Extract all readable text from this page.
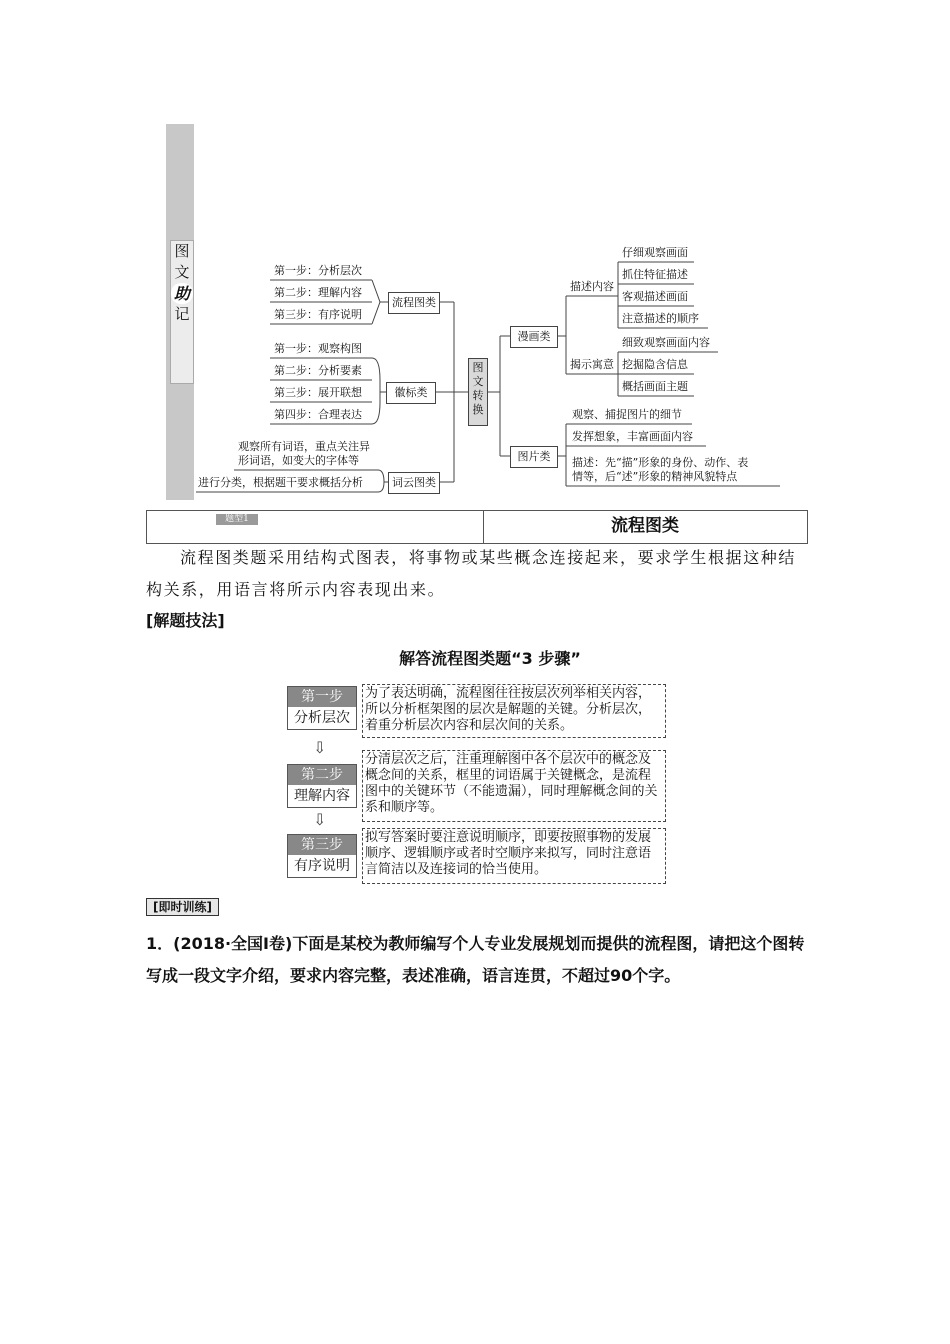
图
文
助
记
第一步：分析层次
第二步：理解内容
第三步：有序说明
第一步：观察构图
第二步：分析要素
第三步：展开联想
第四步：合理表达
观察所有词语，重点关注异
形词语，如变大的字体等
进行分类，根据题干要求概括分析
流程图类
徽标类
词云图类
图
文
转
换
漫画类
图片类
描述内容
揭示寓意
仔细观察画面
抓住特征描述
客观描述画面
注意描述的顺序
细致观察画面内容
挖掘隐含信息
概括画面主题
观察、捕捉图片的细节
发挥想象，丰富画面内容
描述：先“描”形象的身份、动作、表
情等，后“述”形象的精神风貌特点
题型1	流程图类
流程图类题采用结构式图表，将事物或某些概念连接起来，要求学生根据这种结构关系，用语言将所示内容表现出来。
[解题技法]
解答流程图类题“3 步骤”
第一步
分析层次
为了表达明确，流程图往往按层次列举相关内容，所以分析框架图的层次是解题的关键。分析层次，着重分析层次内容和层次间的关系。
⇩
第二步
理解内容
分清层次之后，注重理解图中各个层次中的概念及概念间的关系，框里的词语属于关键概念，是流程图中的关键环节（不能遗漏），同时理解概念间的关系和顺序等。
⇩
第三步
有序说明
拟写答案时要注意说明顺序，即要按照事物的发展顺序、逻辑顺序或者时空顺序来拟写，同时注意语言简洁以及连接词的恰当使用。
[即时训练]
1．(2018·全国Ⅰ卷)下面是某校为教师编写个人专业发展规划而提供的流程图，请把这个图转写成一段文字介绍，要求内容完整，表述准确，语言连贯，不超过90个字。
